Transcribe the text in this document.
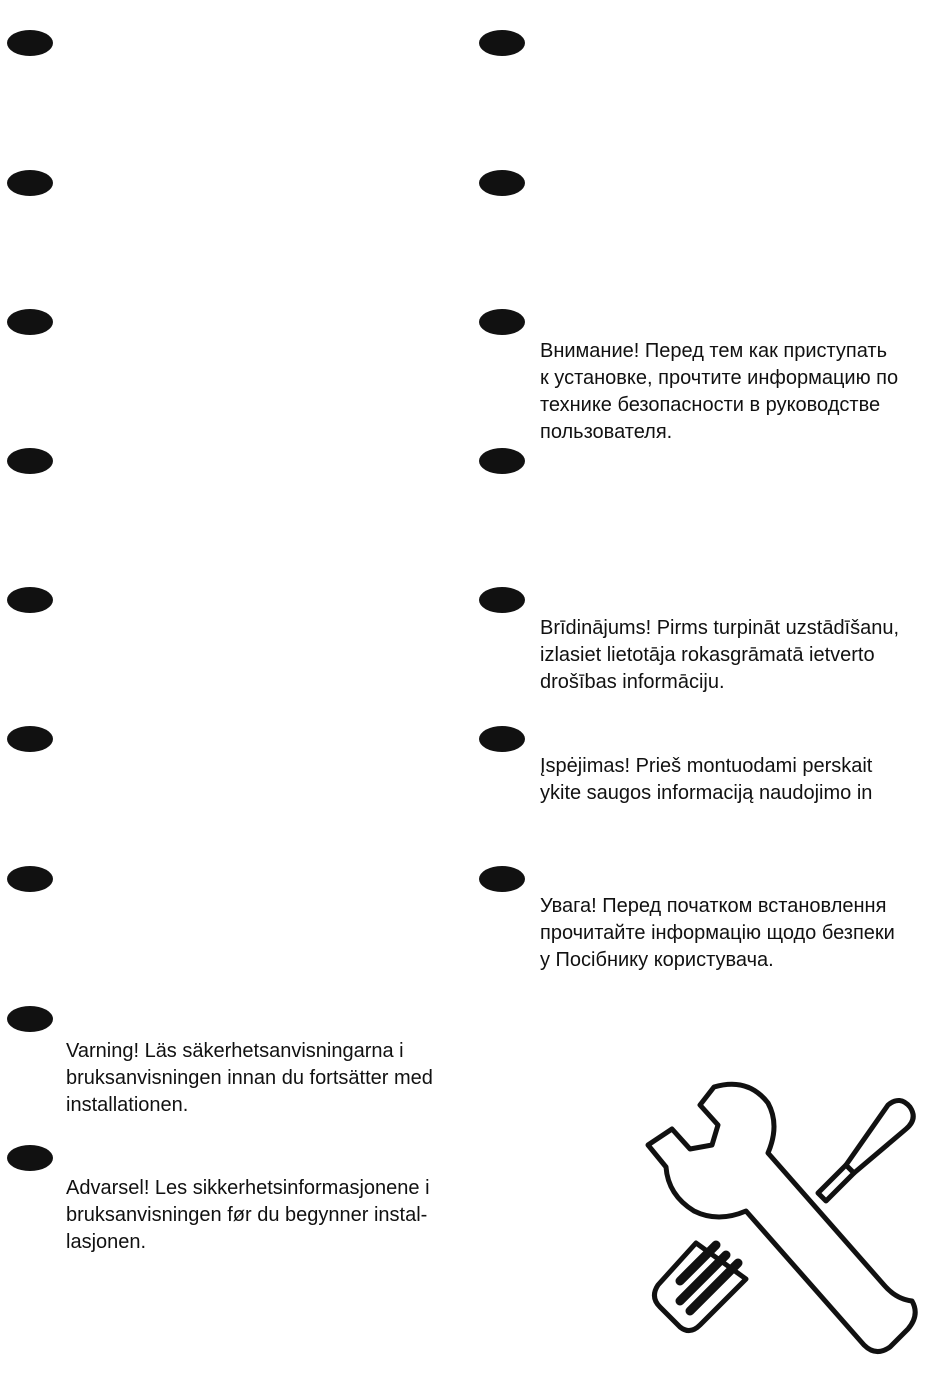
Внимание! Перед тем как приступать
к установке, прочтите информацию по
технике безопасности в руководстве
пользователя.

Brīdinājums! Pirms turpināt uzstādīšanu,
izlasiet lietotāja rokasgrāmatā ietverto
drošības informāciju.

Įspėjimas! Prieš montuodami perskait
ykite saugos informaciją naudojimo in

Увага! Перед початком встановлення
прочитайте інформацію щодо безпеки
у Посібнику користувача.

Varning! Läs säkerhetsanvisningarna i
bruksanvisningen innan du fortsätter med
installationen.

Advarsel! Les sikkerhetsinformasjonene i
bruksanvisningen før du begynner instal-
lasjonen.
